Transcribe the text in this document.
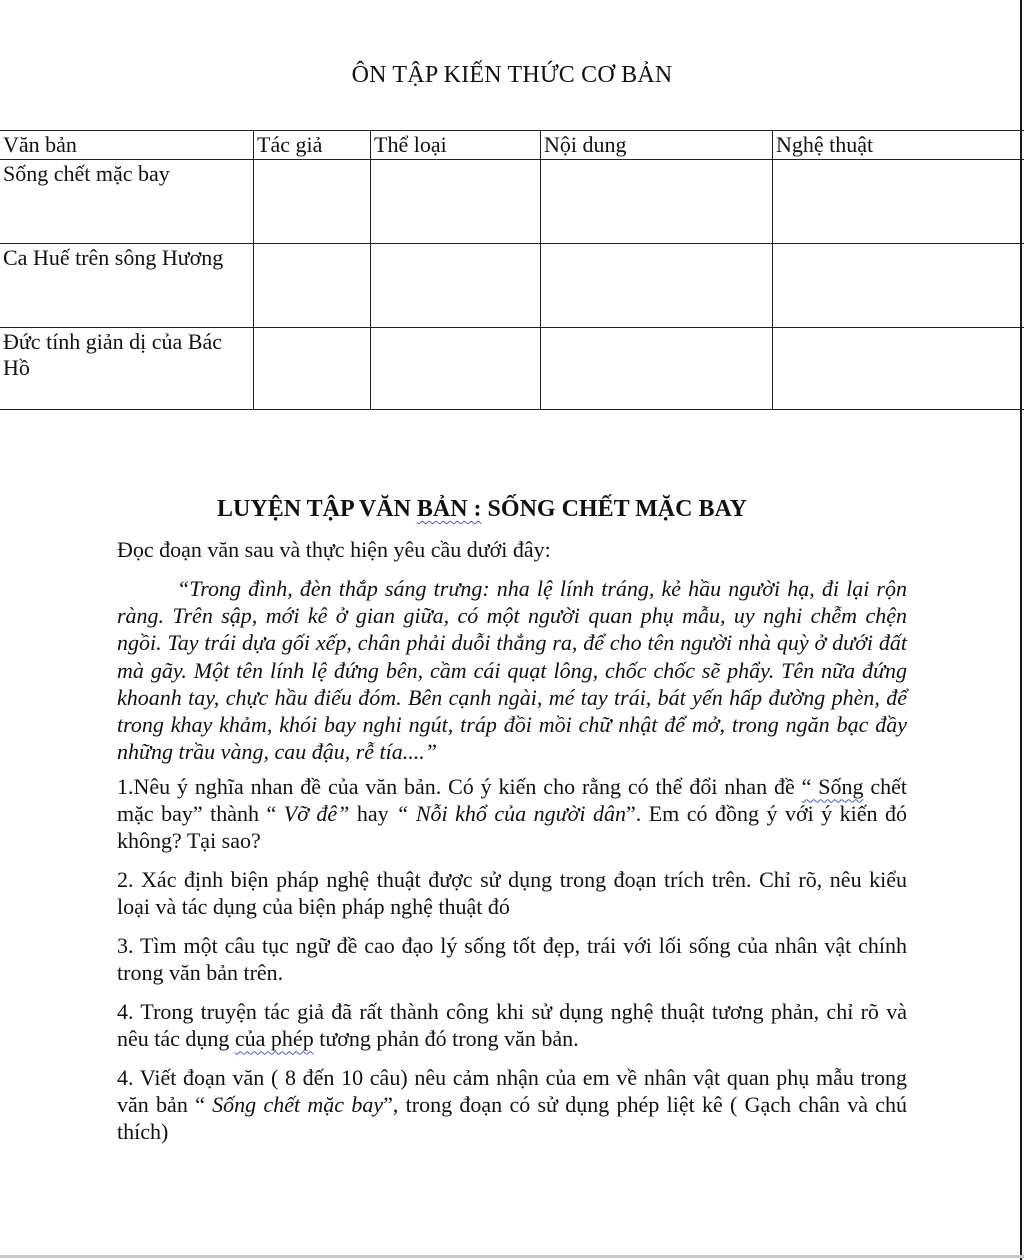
ÔN TẬP KIẾN THỨC CƠ BẢN
Văn bản	Tác giả	Thể loại	Nội dung	Nghệ thuật
Sống chết mặc bay				
Ca Huế trên sông Hương				
Đức tính giản dị của Bác Hồ				
LUYỆN TẬP VĂN BẢN : SỐNG CHẾT MẶC BAY

Đọc đoạn văn sau và thực hiện yêu cầu dưới đây:

“Trong đình, đèn thắp sáng trưng: nha lệ lính tráng, kẻ hầu người hạ, đi lại rộn ràng. Trên sập, mới kê ở gian giữa, có một người quan phụ mẫu, uy nghi chễm chện ngồi. Tay trái dựa gối xếp, chân phải duỗi thẳng ra, để cho tên người nhà quỳ ở dưới đất mà gãy. Một tên lính lệ đứng bên, cầm cái quạt lông, chốc chốc sẽ phẩy. Tên nữa đứng khoanh tay, chực hầu điếu đóm. Bên cạnh ngài, mé tay trái, bát yến hấp đường phèn, để trong khay khảm, khói bay nghi ngút, tráp đồi mồi chữ nhật để mở, trong ngăn bạc đầy những trầu vàng, cau đậu, rễ tía....”

1.Nêu ý nghĩa nhan đề của văn bản. Có ý kiến cho rằng có thể đổi nhan đề “ Sống chết mặc bay” thành “ Vỡ đê” hay “ Nỗi khổ của người dân”. Em có đồng ý với ý kiến đó không? Tại sao?

2. Xác định biện pháp nghệ thuật được sử dụng trong đoạn trích trên. Chỉ rõ, nêu kiểu loại và tác dụng của biện pháp nghệ thuật đó

3. Tìm một câu tục ngữ đề cao đạo lý sống tốt đẹp, trái với lối sống của nhân vật chính trong văn bản trên.

4. Trong truyện tác giả đã rất thành công khi sử dụng nghệ thuật tương phản, chỉ rõ và nêu tác dụng của phép tương phản đó trong văn bản.

4. Viết đoạn văn ( 8 đến 10 câu) nêu cảm nhận của em về nhân vật quan phụ mẫu trong văn bản “ Sống chết mặc bay”, trong đoạn có sử dụng phép liệt kê ( Gạch chân và chú thích)
